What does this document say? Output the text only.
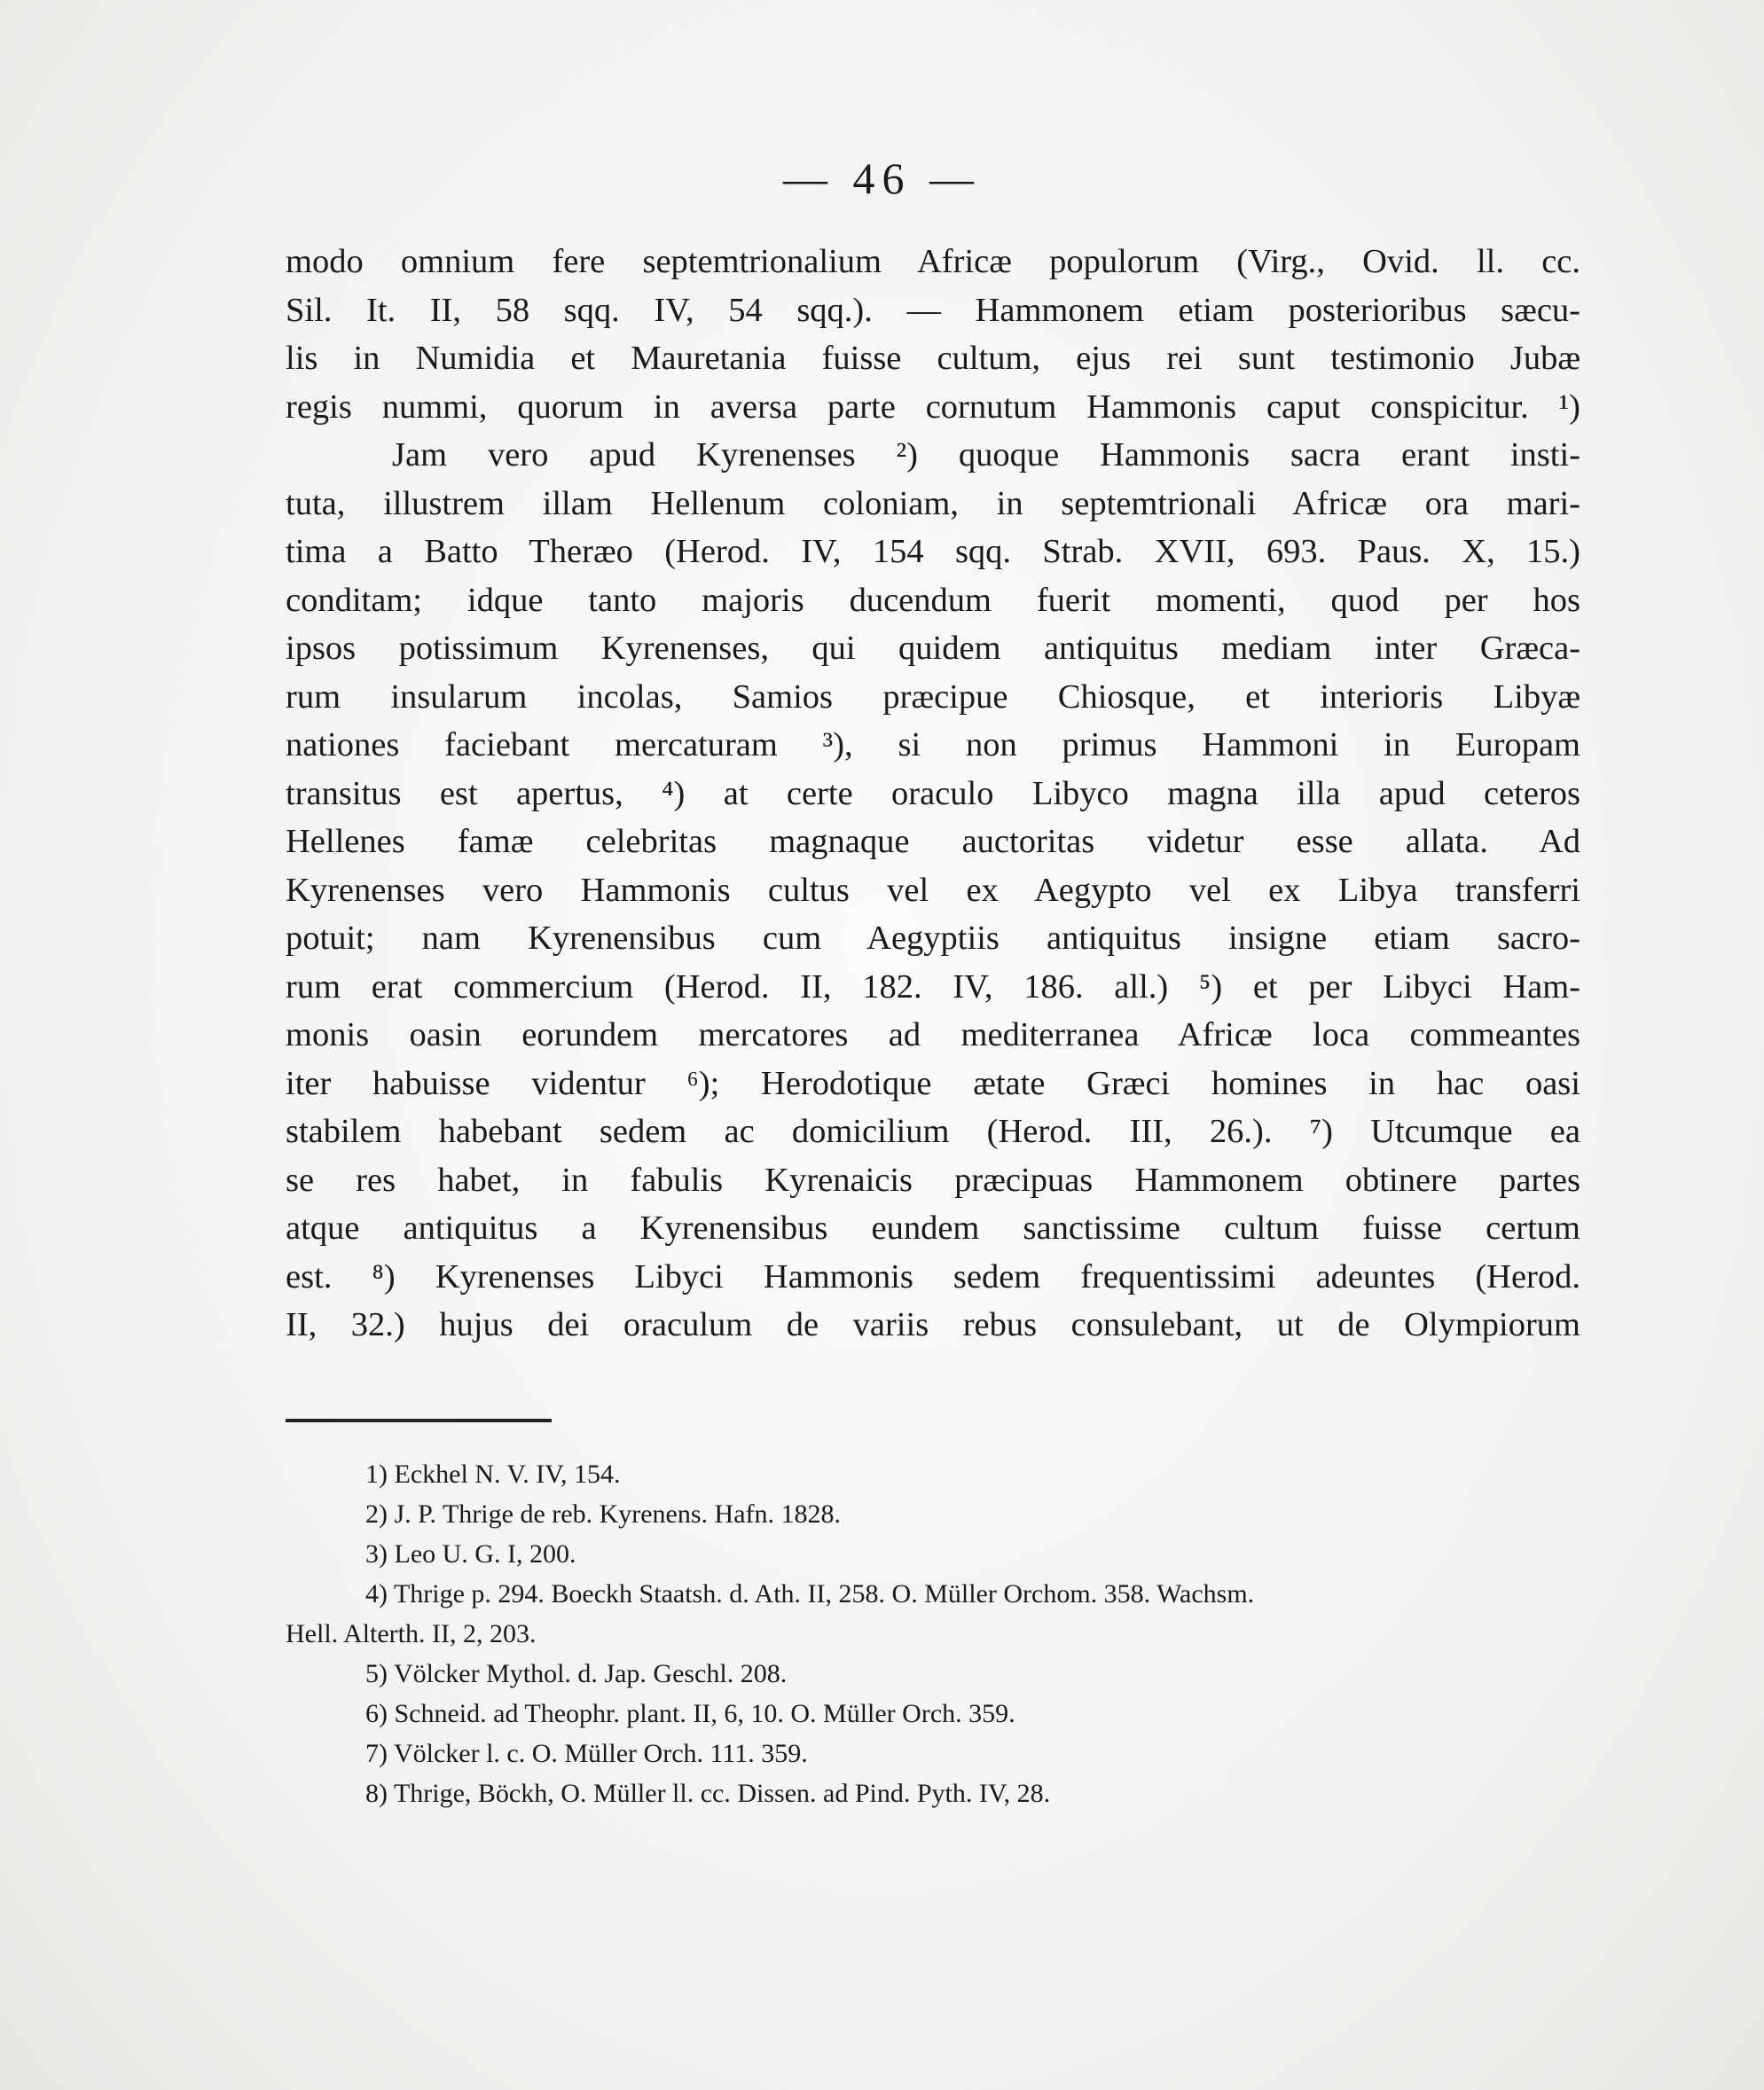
— 46 —
modo omnium fere septemtrionalium Africæ populorum (Virg., Ovid. ll. cc.
Sil. It. II, 58 sqq. IV, 54 sqq.). — Hammonem etiam posterioribus sæcu-
lis in Numidia et Mauretania fuisse cultum, ejus rei sunt testimonio Jubæ
regis nummi, quorum in aversa parte cornutum Hammonis caput conspicitur. ¹)
Jam vero apud Kyrenenses ²) quoque Hammonis sacra erant insti-
tuta, illustrem illam Hellenum coloniam, in septemtrionali Africæ ora mari-
tima a Batto Theræo (Herod. IV, 154 sqq. Strab. XVII, 693. Paus. X, 15.)
conditam; idque tanto majoris ducendum fuerit momenti, quod per hos
ipsos potissimum Kyrenenses, qui quidem antiquitus mediam inter Græca-
rum insularum incolas, Samios præcipue Chiosque, et interioris Libyæ
nationes faciebant mercaturam ³), si non primus Hammoni in Europam
transitus est apertus, ⁴) at certe oraculo Libyco magna illa apud ceteros
Hellenes famæ celebritas magnaque auctoritas videtur esse allata. Ad
Kyrenenses vero Hammonis cultus vel ex Aegypto vel ex Libya transferri
potuit; nam Kyrenensibus cum Aegyptiis antiquitus insigne etiam sacro-
rum erat commercium (Herod. II, 182. IV, 186. all.) ⁵) et per Libyci Ham-
monis oasin eorundem mercatores ad mediterranea Africæ loca commeantes
iter habuisse videntur ⁶); Herodotique ætate Græci homines in hac oasi
stabilem habebant sedem ac domicilium (Herod. III, 26.). ⁷) Utcumque ea
se res habet, in fabulis Kyrenaicis præcipuas Hammonem obtinere partes
atque antiquitus a Kyrenensibus eundem sanctissime cultum fuisse certum
est. ⁸) Kyrenenses Libyci Hammonis sedem frequentissimi adeuntes (Herod.
II, 32.) hujus dei oraculum de variis rebus consulebant, ut de Olympiorum
1) Eckhel N. V. IV, 154.
2) J. P. Thrige de reb. Kyrenens. Hafn. 1828.
3) Leo U. G. I, 200.
4) Thrige p. 294. Boeckh Staatsh. d. Ath. II, 258. O. Müller Orchom. 358. Wachsm.
Hell. Alterth. II, 2, 203.
5) Völcker Mythol. d. Jap. Geschl. 208.
6) Schneid. ad Theophr. plant. II, 6, 10. O. Müller Orch. 359.
7) Völcker l. c. O. Müller Orch. 111. 359.
8) Thrige, Böckh, O. Müller ll. cc. Dissen. ad Pind. Pyth. IV, 28.
